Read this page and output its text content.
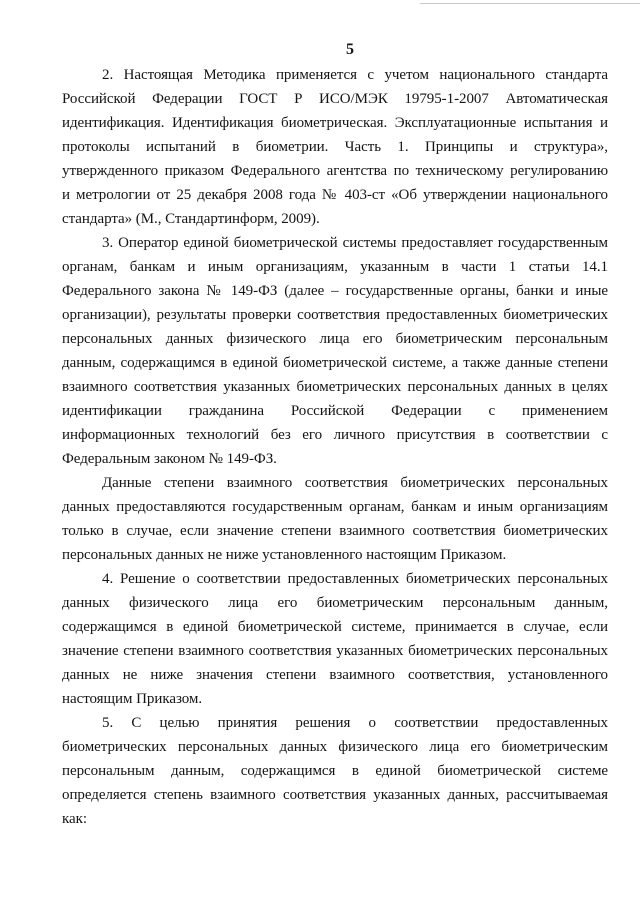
5
2. Настоящая Методика применяется с учетом национального стандарта
Российской Федерации ГОСТ Р ИСО/МЭК 19795-1-2007 Автоматическая
идентификация. Идентификация биометрическая. Эксплуатационные испытания и
протоколы испытаний в биометрии. Часть 1. Принципы и структура»,
утвержденного приказом Федерального агентства по техническому регулированию
и метрологии от 25 декабря 2008 года № 403-ст «Об утверждении национального
стандарта» (М., Стандартинформ, 2009).
3. Оператор единой биометрической системы предоставляет государственным
органам, банкам и иным организациям, указанным в части 1 статьи 14.1
Федерального закона № 149-ФЗ (далее – государственные органы, банки и иные
организации), результаты проверки соответствия предоставленных биометрических
персональных данных физического лица его биометрическим персональным
данным, содержащимся в единой биометрической системе, а также данные степени
взаимного соответствия указанных биометрических персональных данных в целях
идентификации гражданина Российской Федерации с применением
информационных технологий без его личного присутствия в соответствии с
Федеральным законом № 149-ФЗ.
Данные степени взаимного соответствия биометрических персональных
данных предоставляются государственным органам, банкам и иным организациям
только в случае, если значение степени взаимного соответствия биометрических
персональных данных не ниже установленного настоящим Приказом.
4. Решение о соответствии предоставленных биометрических персональных
данных физического лица его биометрическим персональным данным,
содержащимся в единой биометрической системе, принимается в случае, если
значение степени взаимного соответствия указанных биометрических персональных
данных не ниже значения степени взаимного соответствия, установленного
настоящим Приказом.
5. С целью принятия решения о соответствии предоставленных
биометрических персональных данных физического лица его биометрическим
персональным данным, содержащимся в единой биометрической системе
определяется степень взаимного соответствия указанных данных, рассчитываемая
как:
